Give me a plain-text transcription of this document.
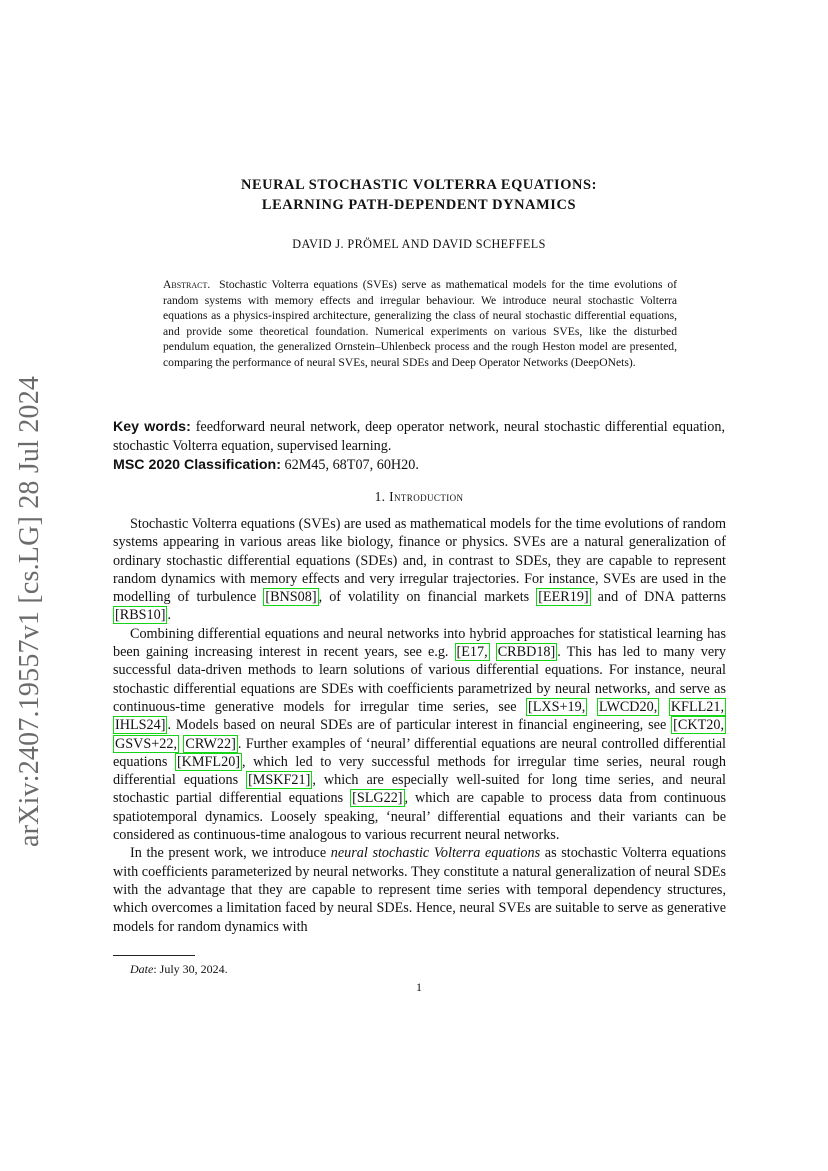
arXiv:2407.19557v1 [cs.LG] 28 Jul 2024
NEURAL STOCHASTIC VOLTERRA EQUATIONS:
LEARNING PATH-DEPENDENT DYNAMICS
DAVID J. PRÖMEL AND DAVID SCHEFFELS
Abstract. Stochastic Volterra equations (SVEs) serve as mathematical models for the time evolutions of random systems with memory effects and irregular behaviour. We introduce neural stochastic Volterra equations as a physics-inspired architecture, generalizing the class of neural stochastic differential equations, and provide some theoretical foundation. Numerical experiments on various SVEs, like the disturbed pendulum equation, the generalized Ornstein–Uhlenbeck process and the rough Heston model are presented, comparing the performance of neural SVEs, neural SDEs and Deep Operator Networks (DeepONets).
Key words: feedforward neural network, deep operator network, neural stochastic differential equation, stochastic Volterra equation, supervised learning.
MSC 2020 Classification: 62M45, 68T07, 60H20.
1. Introduction

Stochastic Volterra equations (SVEs) are used as mathematical models for the time evolutions of random systems appearing in various areas like biology, finance or physics. SVEs are a natural generalization of ordinary stochastic differential equations (SDEs) and, in contrast to SDEs, they are capable to represent random dynamics with memory effects and very irregular trajectories. For instance, SVEs are used in the modelling of turbulence [BNS08] , of volatility on financial markets [EER19] and of DNA patterns [RBS10] .

Combining differential equations and neural networks into hybrid approaches for statistical learning has been gaining increasing interest in recent years, see e.g. [E17, CRBD18] . This has led to many very successful data-driven methods to learn solutions of various differential equations. For instance, neural stochastic differential equations are SDEs with coefficients parametrized by neural networks, and serve as continuous-time generative models for irregular time series, see [LXS+19, LWCD20, KFLL21, IHLS24] . Models based on neural SDEs are of particular interest in financial engineering, see [CKT20, GSVS+22, CRW22] . Further examples of ‘neural’ differential equations are neural controlled differential equations [KMFL20] , which led to very successful methods for irregular time series, neural rough differential equations [MSKF21] , which are especially well-suited for long time series, and neural stochastic partial differential equations [SLG22] , which are capable to process data from continuous spatiotemporal dynamics. Loosely speaking, ‘neural’ differential equations and their variants can be considered as continuous-time analogous to various recurrent neural networks.

In the present work, we introduce neural stochastic Volterra equations as stochastic Volterra equations with coefficients parameterized by neural networks. They constitute a natural generalization of neural SDEs with the advantage that they are capable to represent time series with temporal dependency structures, which overcomes a limitation faced by neural SDEs. Hence, neural SVEs are suitable to serve as generative models for random dynamics with

Date: July 30, 2024.
1
